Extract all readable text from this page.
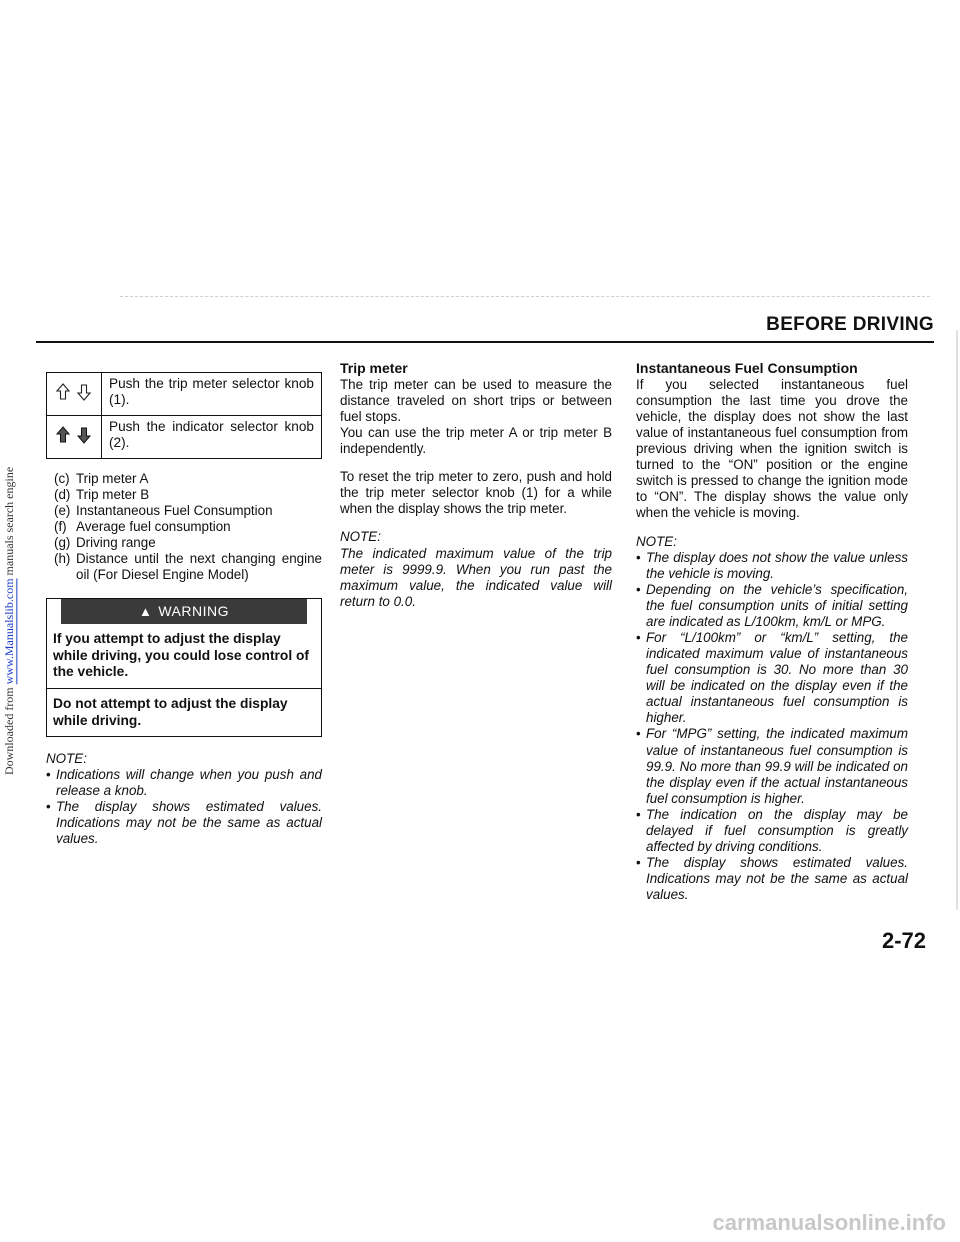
Downloaded from www.Manualslib.com manuals search engine
BEFORE DRIVING
	Push the trip meter selector knob (1).
	Push the indicator selector knob (2).
(c) Trip meter A
(d) Trip meter B
(e) Instantaneous Fuel Consumption
(f) Average fuel consumption
(g) Driving range
(h) Distance until the next changing engine oil (For Diesel Engine Model)
▲ WARNING

If you attempt to adjust the display while driving, you could lose control of the vehicle.

Do not attempt to adjust the display while driving.

NOTE:

• Indications will change when you push and release a knob.
• The display shows estimated values. Indications may not be the same as actual values.

Trip meter

The trip meter can be used to measure the distance traveled on short trips or between fuel stops.

You can use the trip meter A or trip meter B independently.

To reset the trip meter to zero, push and hold the trip meter selector knob (1) for a while when the display shows the trip meter.

NOTE:

The indicated maximum value of the trip meter is 9999.9. When you run past the maximum value, the indicated value will return to 0.0.

Instantaneous Fuel Consumption

If you selected instantaneous fuel consumption the last time you drove the vehicle, the display does not show the last value of instantaneous fuel consumption from previous driving when the ignition switch is turned to the “ON” position or the engine switch is pressed to change the ignition mode to “ON”. The display shows the value only when the vehicle is moving.

NOTE:

• The display does not show the value unless the vehicle is moving.
• Depending on the vehicle’s specification, the fuel consumption units of initial setting are indicated as L/100km, km/L or MPG.
• For “L/100km” or “km/L” setting, the indicated maximum value of instantaneous fuel consumption is 30. No more than 30 will be indicated on the display even if the actual instantaneous fuel consumption is higher.
• For “MPG” setting, the indicated maximum value of instantaneous fuel consumption is 99.9. No more than 99.9 will be indicated on the display even if the actual instantaneous fuel consumption is higher.
• The indication on the display may be delayed if fuel consumption is greatly affected by driving conditions.
• The display shows estimated values. Indications may not be the same as actual values.
2-72
carmanualsonline.info
